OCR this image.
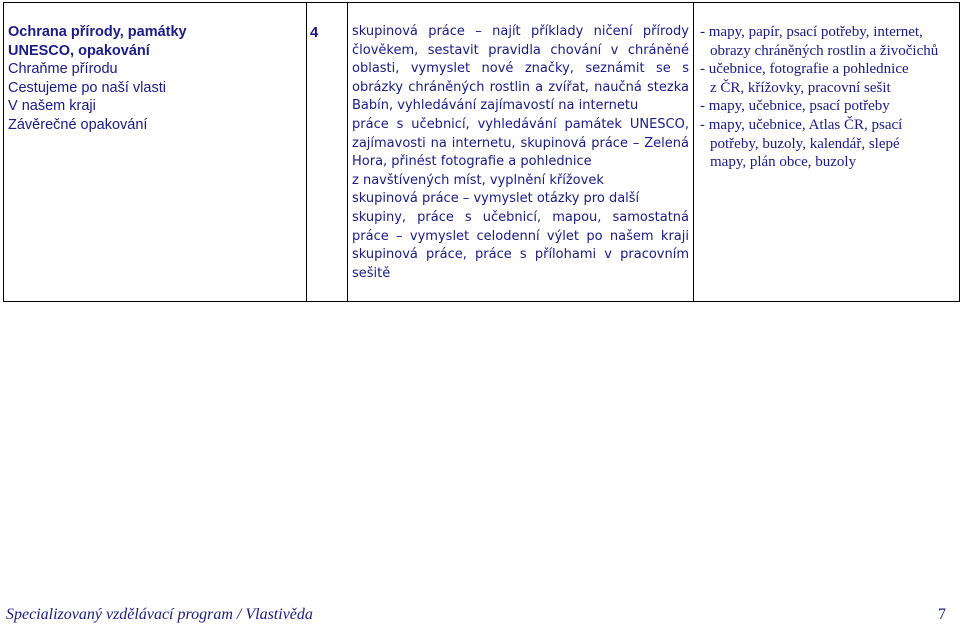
Ochrana přírody, památky
UNESCO, opakování
Chraňme přírodu
Cestujeme po naší vlasti
V našem kraji
Závěrečné opakování

4	skupinová práce – najít příklady ničení přírody
člověkem, sestavit pravidla chování v chráněné
oblasti, vymyslet nové značky, seznámit se s
obrázky chráněných rostlin a zvířat, naučná stezka
Babín, vyhledávání zajímavostí na internetu
práce s učebnicí, vyhledávání památek UNESCO,
zajímavosti na internetu, skupinová práce – Zelená
Hora, přinést fotografie a pohlednice
z navštívených míst, vyplnění křížovek
skupinová práce – vymyslet otázky pro další
skupiny, práce s učebnicí, mapou, samostatná
práce – vymyslet celodenní výlet po našem kraji
skupinová práce, práce s přílohami v pracovním
sešitě

- mapy, papír, psací potřeby, internet,
obrazy chráněných rostlin a živočichů
- učebnice, fotografie a pohlednice
z ČR, křížovky, pracovní sešit
- mapy, učebnice, psací potřeby
- mapy, učebnice, Atlas ČR, psací
potřeby, buzoly, kalendář, slepé
mapy, plán obce, buzoly
Specializovaný vzdělávací program / Vlastivěda	7
